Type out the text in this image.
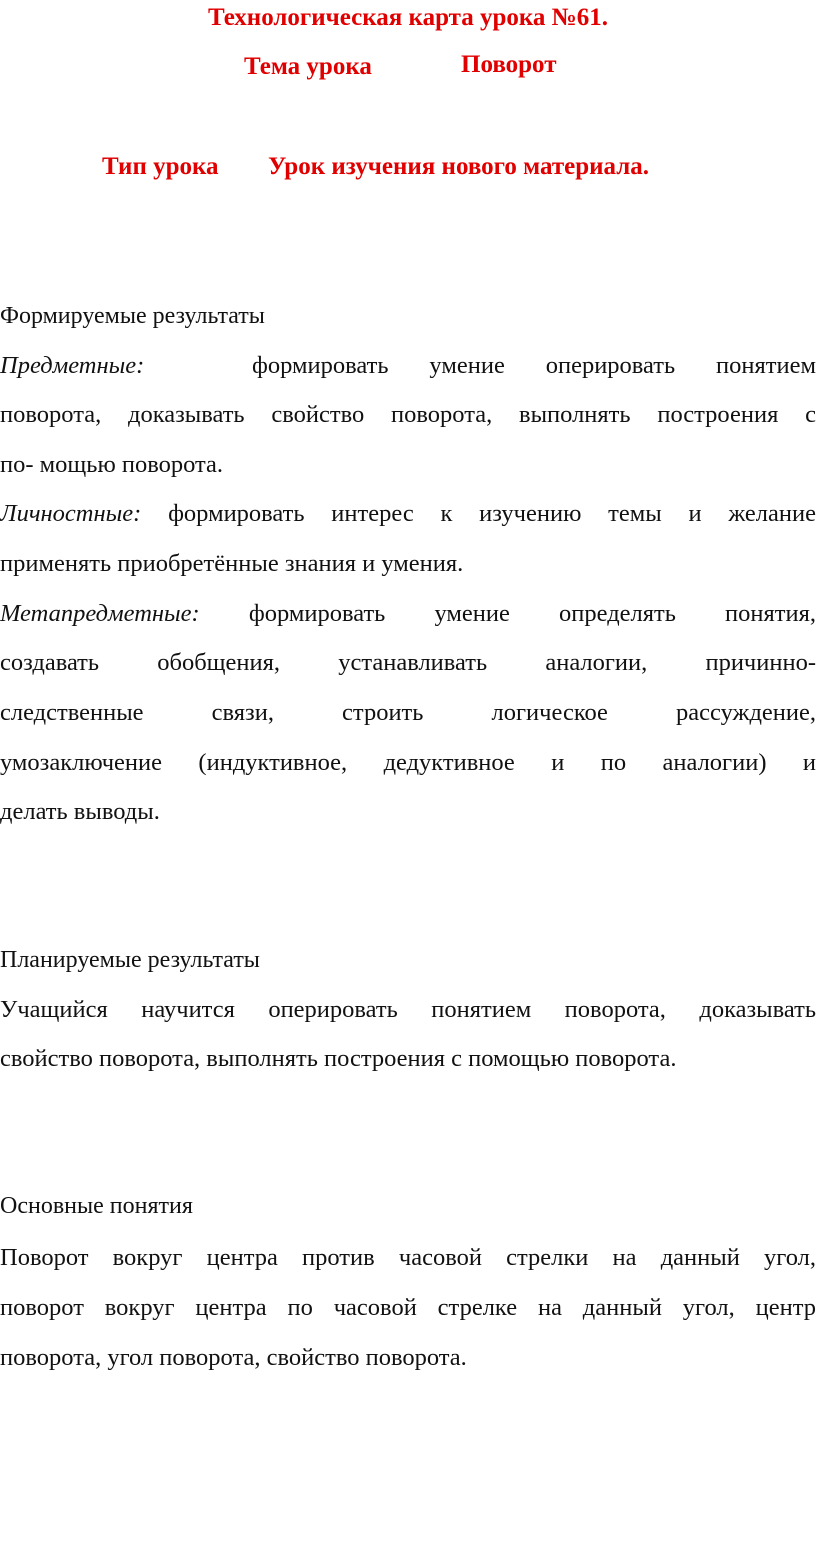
Технологическая карта урока №61.
Тема урока	Поворот
Тип урока Урок изучения нового материала.
Формируемые результаты
Предметные:	формировать умение оперировать понятием
поворота, доказывать свойство поворота, выполнять построения с
по- мощью поворота.
Личностные: формировать интерес к изучению темы и желание
применять приобретённые знания и умения.
Метапредметные: формировать умение определять понятия,
создавать обобщения, устанавливать аналогии, причинно-
следственные связи, строить логическое рассуждение,
умозаключение (индуктивное, дедуктивное и по аналогии) и
делать выводы.
Планируемые результаты
Учащийся научится оперировать понятием поворота, доказывать
свойство поворота, выполнять построения с помощью поворота.
Основные понятия
Поворот вокруг центра против часовой стрелки на данный угол,
поворот вокруг центра по часовой стрелке на данный угол, центр
поворота, угол поворота, свойство поворота.
